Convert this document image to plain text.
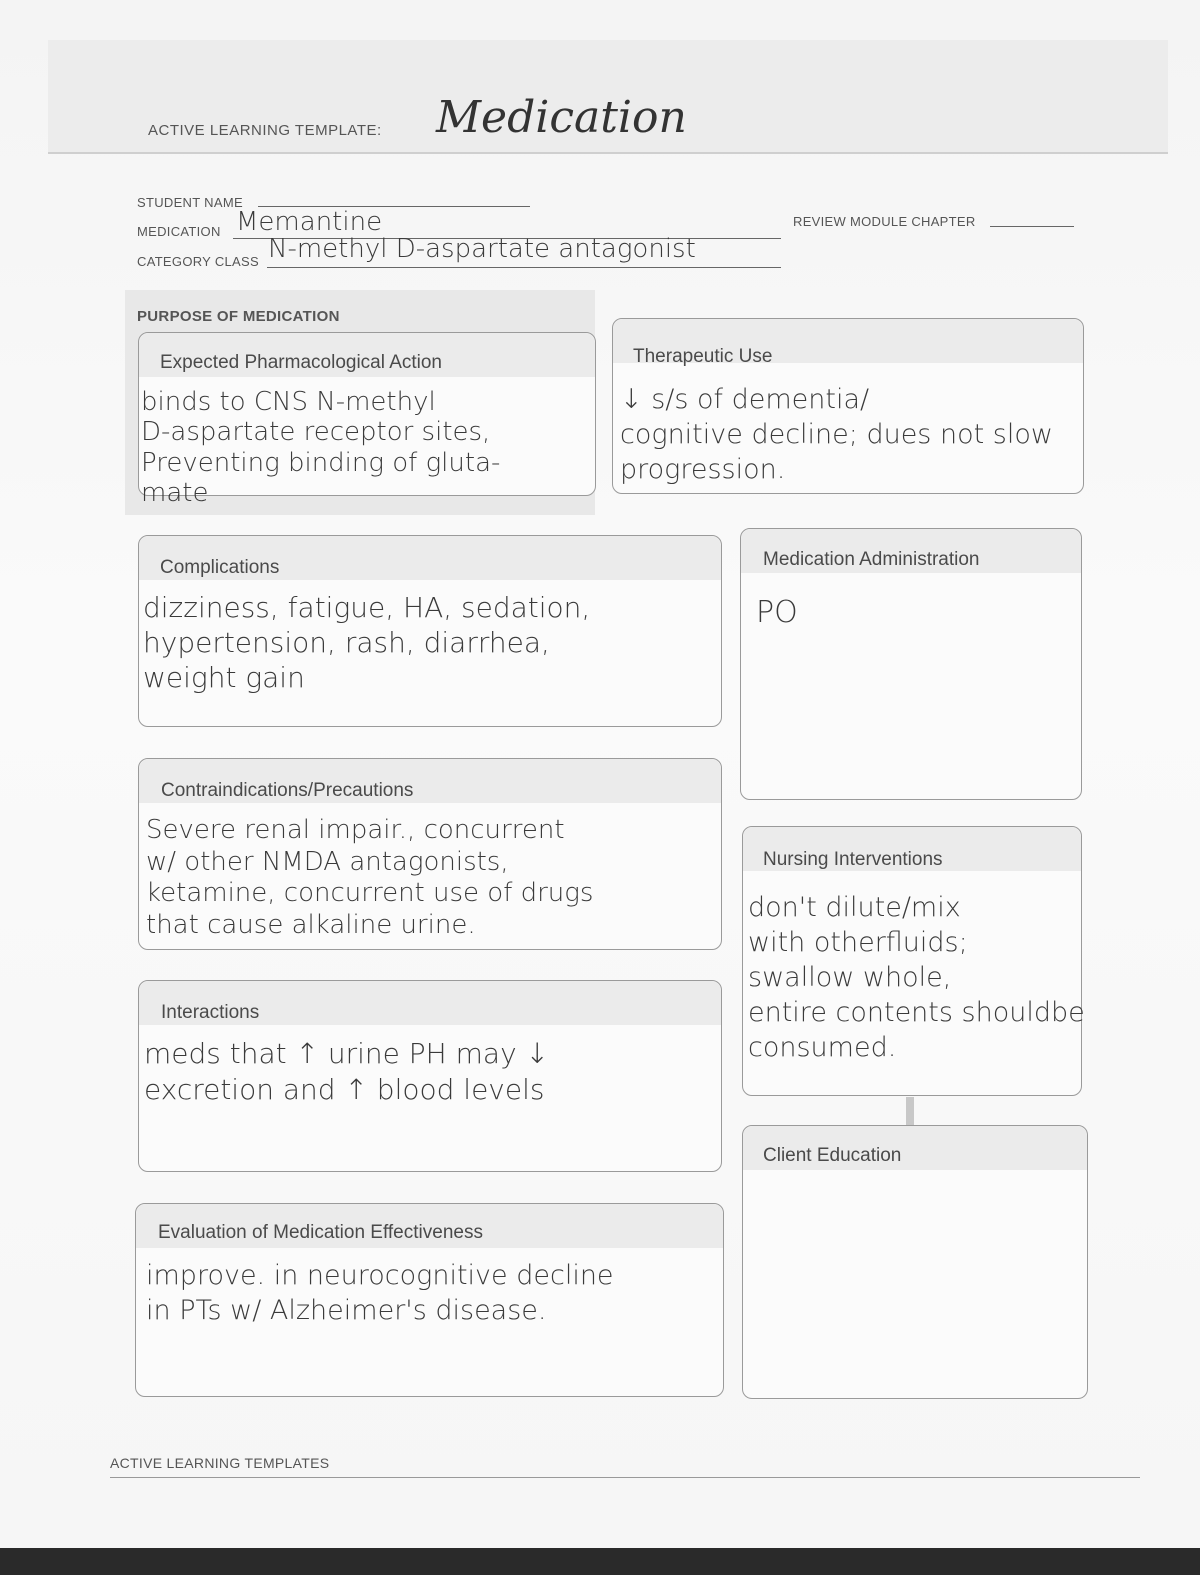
ACTIVE LEARNING TEMPLATE: Medication
STUDENT NAME
MEDICATION Memantine
CATEGORY CLASS N-methyl D-aspartate antagonist
REVIEW MODULE CHAPTER
PURPOSE OF MEDICATION
Expected Pharmacological Action
binds to CNS N-methyl
D-aspartate receptor sites,
Preventing binding of gluta-
mate
Therapeutic Use
↓ s/s of dementia/
cognitive decline; dues not slow
progression.
Complications
dizziness, fatigue, HA, sedation,
hypertension, rash, diarrhea,
weight gain
Medication Administration
PO
Contraindications/Precautions
Severe renal impair., concurrent
w/ other NMDA antagonists,
ketamine, concurrent use of drugs
that cause alkaline urine.
Nursing Interventions
don't dilute/mix
with otherfluids;
swallow whole,
entire contents shouldbe
consumed.
Interactions
meds that ↑ urine PH may ↓
excretion and ↑ blood levels
Client Education
Evaluation of Medication Effectiveness
improve. in neurocognitive decline
in PTs w/ Alzheimer's disease.
ACTIVE LEARNING TEMPLATES
